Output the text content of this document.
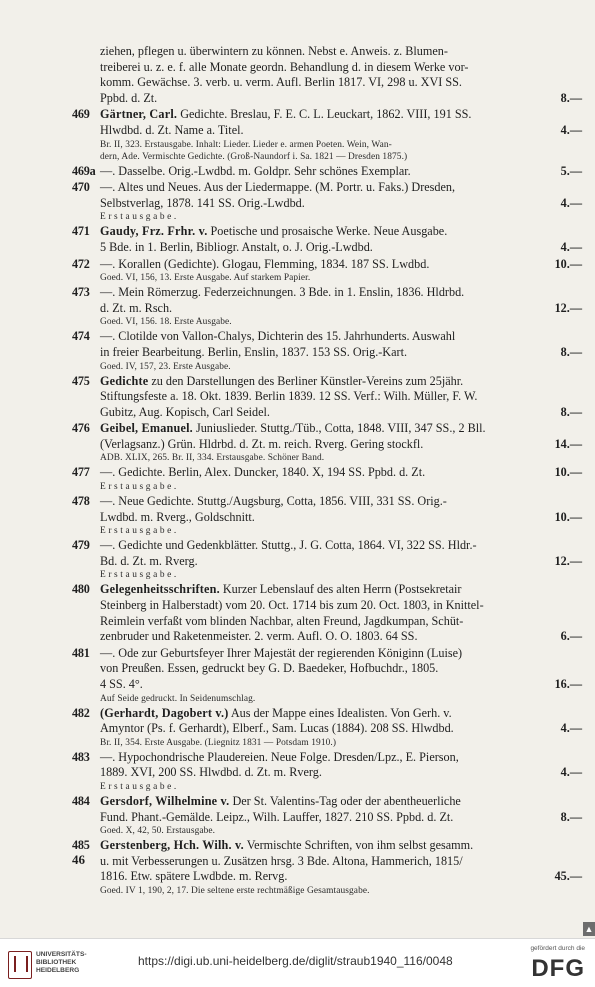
ziehen, pflegen u. überwintern zu können. Nebst e. Anweis. z. Blumen-
treiberei u. z. e. f. alle Monate geordn. Behandlung d. in diesem Werke vor-
komm. Gewächse. 3. verb. u. verm. Aufl. Berlin 1817. VI, 298 u. XVI SS.
Ppbd. d. Zt.	8.—
469 Gärtner, Carl. Gedichte. Breslau, F. E. C. L. Leuckart, 1862. VIII, 191 SS.
Hlwdbd. d. Zt. Name a. Titel.	4.—
Br. II, 323. Erstausgabe. Inhalt: Lieder. Lieder e. armen Poeten. Wein, Wan-
dern, Ade. Vermischte Gedichte. (Groß-Naundorf i. Sa. 1821 — Dresden 1875.)
469a —. Dasselbe. Orig.-Lwdbd. m. Goldpr. Sehr schönes Exemplar.	5.—
470 —. Altes und Neues. Aus der Liedermappe. (M. Portr. u. Faks.) Dresden,
Selbstverlag, 1878. 141 SS. Orig.-Lwdbd.	4.—
Erstausgabe.
471 Gaudy, Frz. Frhr. v. Poetische und prosaische Werke. Neue Ausgabe.
5 Bde. in 1. Berlin, Bibliogr. Anstalt, o. J. Orig.-Lwdbd.	4.—
472 —. Korallen (Gedichte). Glogau, Flemming, 1834. 187 SS. Lwdbd.	10.—
Goed. VI, 156, 13. Erste Ausgabe. Auf starkem Papier.
473 —. Mein Römerzug. Federzeichnungen. 3 Bde. in 1. Enslin, 1836. Hldrbd.
d. Zt. m. Rsch.	12.—
Goed. VI, 156. 18. Erste Ausgabe.
474 —. Clotilde von Vallon-Chalys, Dichterin des 15. Jahrhunderts. Auswahl
in freier Bearbeitung. Berlin, Enslin, 1837. 153 SS. Orig.-Kart.	8.—
Goed. IV, 157, 23. Erste Ausgabe.
475 Gedichte zu den Darstellungen des Berliner Künstler-Vereins zum 25jähr.
Stiftungsfeste a. 18. Okt. 1839. Berlin 1839. 12 SS. Verf.: Wilh. Müller, F. W.
Gubitz, Aug. Kopisch, Carl Seidel.	8.—
476 Geibel, Emanuel. Juniuslieder. Stuttg./Tüb., Cotta, 1848. VIII, 347 SS., 2 Bll.
(Verlagsanz.) Grün. Hldrbd. d. Zt. m. reich. Rverg. Gering stockfl.	14.—
ADB. XLIX, 265. Br. II, 334. Erstausgabe. Schöner Band.
477 —. Gedichte. Berlin, Alex. Duncker, 1840. X, 194 SS. Ppbd. d. Zt.	10.—
Erstausgabe.
478 —. Neue Gedichte. Stuttg./Augsburg, Cotta, 1856. VIII, 331 SS. Orig.-
Lwdbd. m. Rverg., Goldschnitt.	10.—
Erstausgabe.
479 —. Gedichte und Gedenkblätter. Stuttg., J. G. Cotta, 1864. VI, 322 SS. Hldr.-
Bd. d. Zt. m. Rverg.	12.—
Erstausgabe.
480 Gelegenheitsschriften. Kurzer Lebenslauf des alten Herrn (Postsekretair
Steinberg in Halberstadt) vom 20. Oct. 1714 bis zum 20. Oct. 1803, in Knittel-
Reimlein verfaßt vom blinden Nachbar, alten Freund, Jagdkumpan, Schüt-
zenbruder und Raketenmeister. 2. verm. Aufl. O. O. 1803. 64 SS.	6.—
481 —. Ode zur Geburtsfeyer Ihrer Majestät der regierenden Königinn (Luise)
von Preußen. Essen, gedruckt bey G. D. Baedeker, Hofbuchdr., 1805.
4 SS. 4°.	16.—
Auf Seide gedruckt. In Seidenumschlag.
482 (Gerhardt, Dagobert v.) Aus der Mappe eines Idealisten. Von Gerh. v.
Amyntor (Ps. f. Gerhardt), Elberf., Sam. Lucas (1884). 208 SS. Hlwdbd.	4.—
Br. II, 354. Erste Ausgabe. (Liegnitz 1831 — Potsdam 1910.)
483 —. Hypochondrische Plaudereien. Neue Folge. Dresden/Lpz., E. Pierson,
1889. XVI, 200 SS. Hlwdbd. d. Zt. m. Rverg.	4.—
Erstausgabe.
484 Gersdorf, Wilhelmine v. Der St. Valentins-Tag oder der abentheuerliche
Fund. Phant.-Gemälde. Leipz., Wilh. Lauffer, 1827. 210 SS. Ppbd. d. Zt.	8.—
Goed. X, 42, 50. Erstausgabe.
485 Gerstenberg, Hch. Wilh. v. Vermischte Schriften, von ihm selbst gesamm.
u. mit Verbesserungen u. Zusätzen hrsg. 3 Bde. Altona, Hammerich, 1815/
1816. Etw. spätere Lwdbde. m. Rervg.	45.—
Goed. IV 1, 190, 2, 17. Die seltene erste rechtmäßige Gesamtausgabe.
46
UNIVERSITÄTS-
BIBLIOTHEK
HEIDELBERG
https://digi.ub.uni-heidelberg.de/diglit/straub1940_116/0048
gefördert durch die
DFG
▲
